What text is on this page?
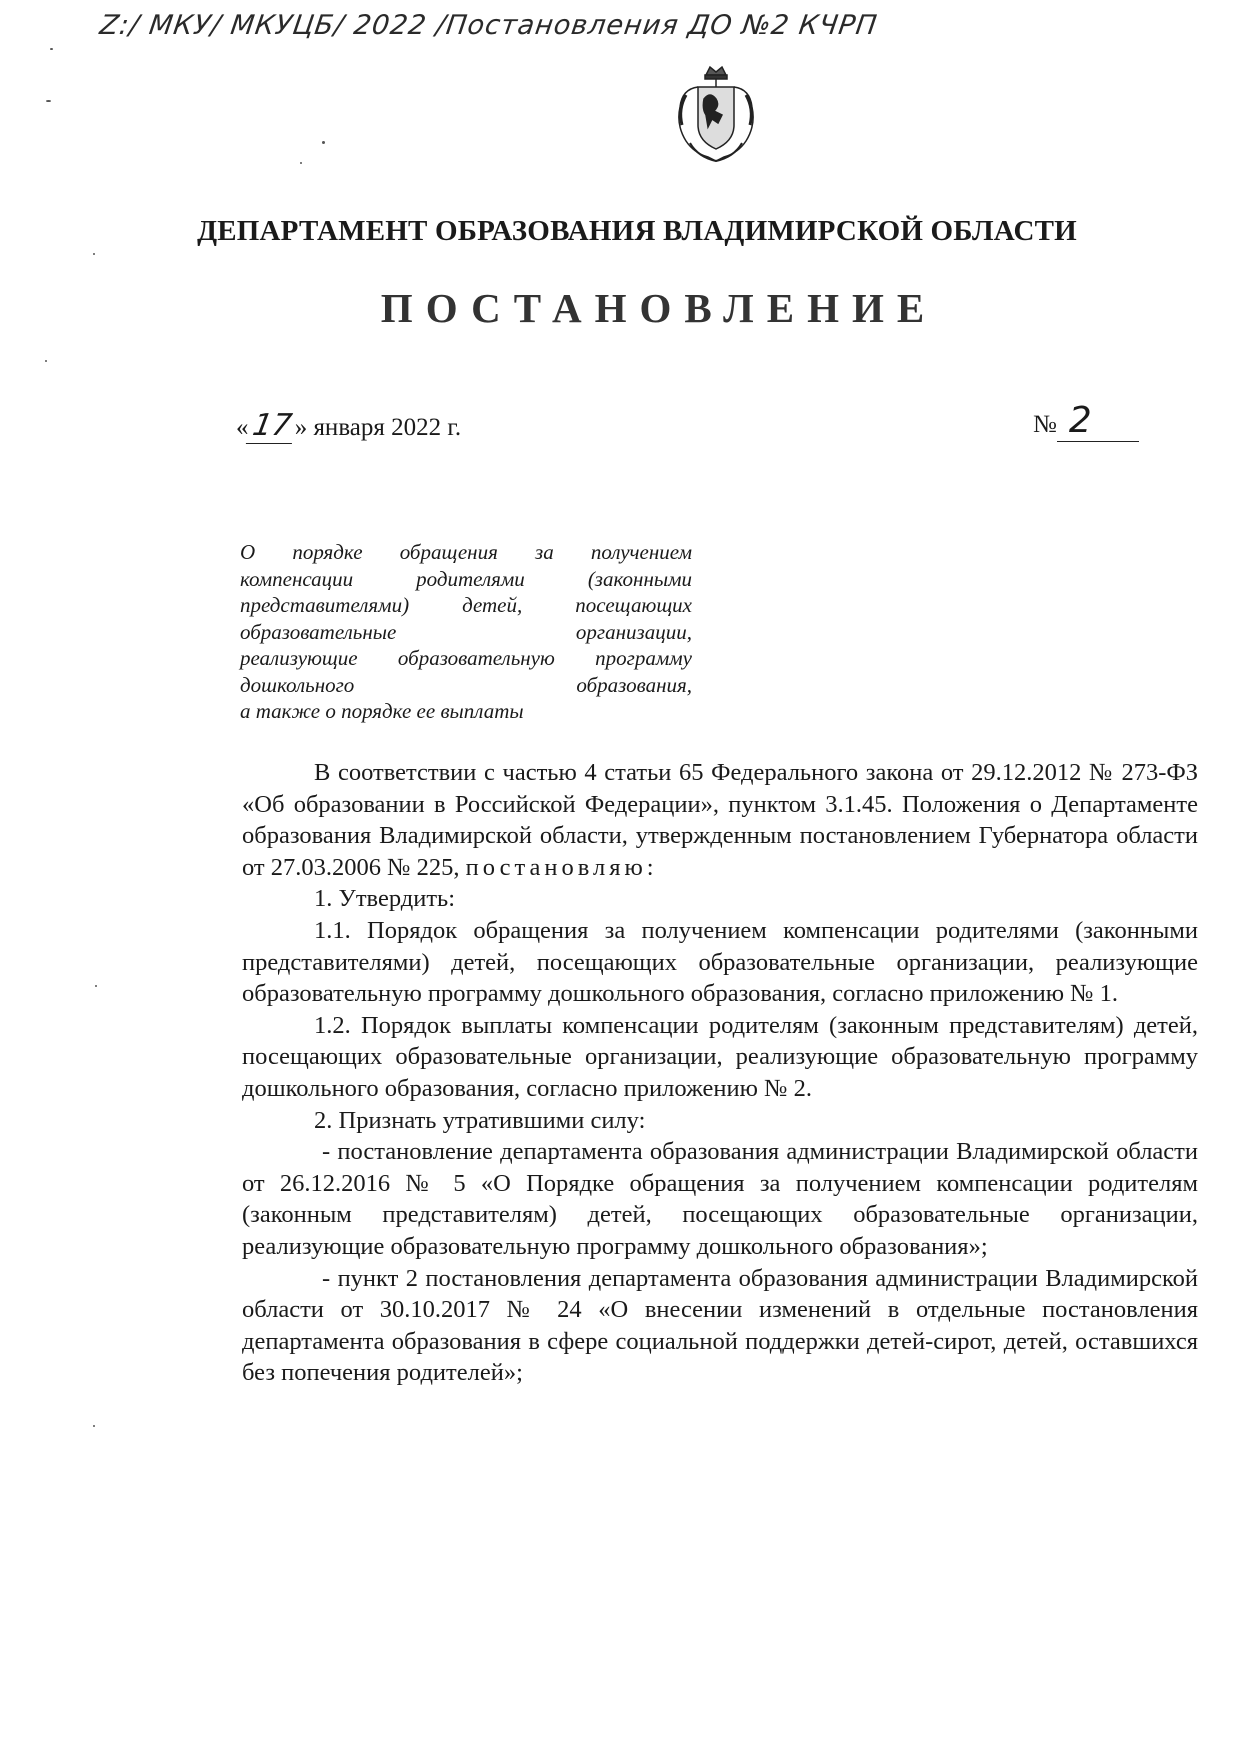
Z:/ МКУ/ МКУЦБ/ 2022 /Постановления ДО №2 КЧРП
ДЕПАРТАМЕНТ ОБРАЗОВАНИЯ ВЛАДИМИРСКОЙ ОБЛАСТИ
ПОСТАНОВЛЕНИЕ
«17» января 2022 г.	№ 2
О порядке обращения за получением
компенсации родителями (законными
представителями) детей, посещающих
образовательные организации,
реализующие образовательную программу
дошкольного образования,
а также о порядке ее выплаты

В соответствии с частью 4 статьи 65 Федерального закона от 29.12.2012 № 273-ФЗ «Об образовании в Российской Федерации», пунктом 3.1.45. Положения о Департаменте образования Владимирской области, утвержденным постановлением Губернатора области от 27.03.2006 № 225, постановляю:

1. Утвердить:

1.1. Порядок обращения за получением компенсации родителями (законными представителями) детей, посещающих образовательные организации, реализующие образовательную программу дошкольного образования, согласно приложению № 1.

1.2. Порядок выплаты компенсации родителям (законным представителям) детей, посещающих образовательные организации, реализующие образовательную программу дошкольного образования, согласно приложению № 2.

2. Признать утратившими силу:

- постановление департамента образования администрации Владимирской области от 26.12.2016 № 5 «О Порядке обращения за получением компенсации родителям (законным представителям) детей, посещающих образовательные организации, реализующие образовательную программу дошкольного образования»;

- пункт 2 постановления департамента образования администрации Владимирской области от 30.10.2017 № 24 «О внесении изменений в отдельные постановления департамента образования в сфере социальной поддержки детей-сирот, детей, оставшихся без попечения родителей»;
